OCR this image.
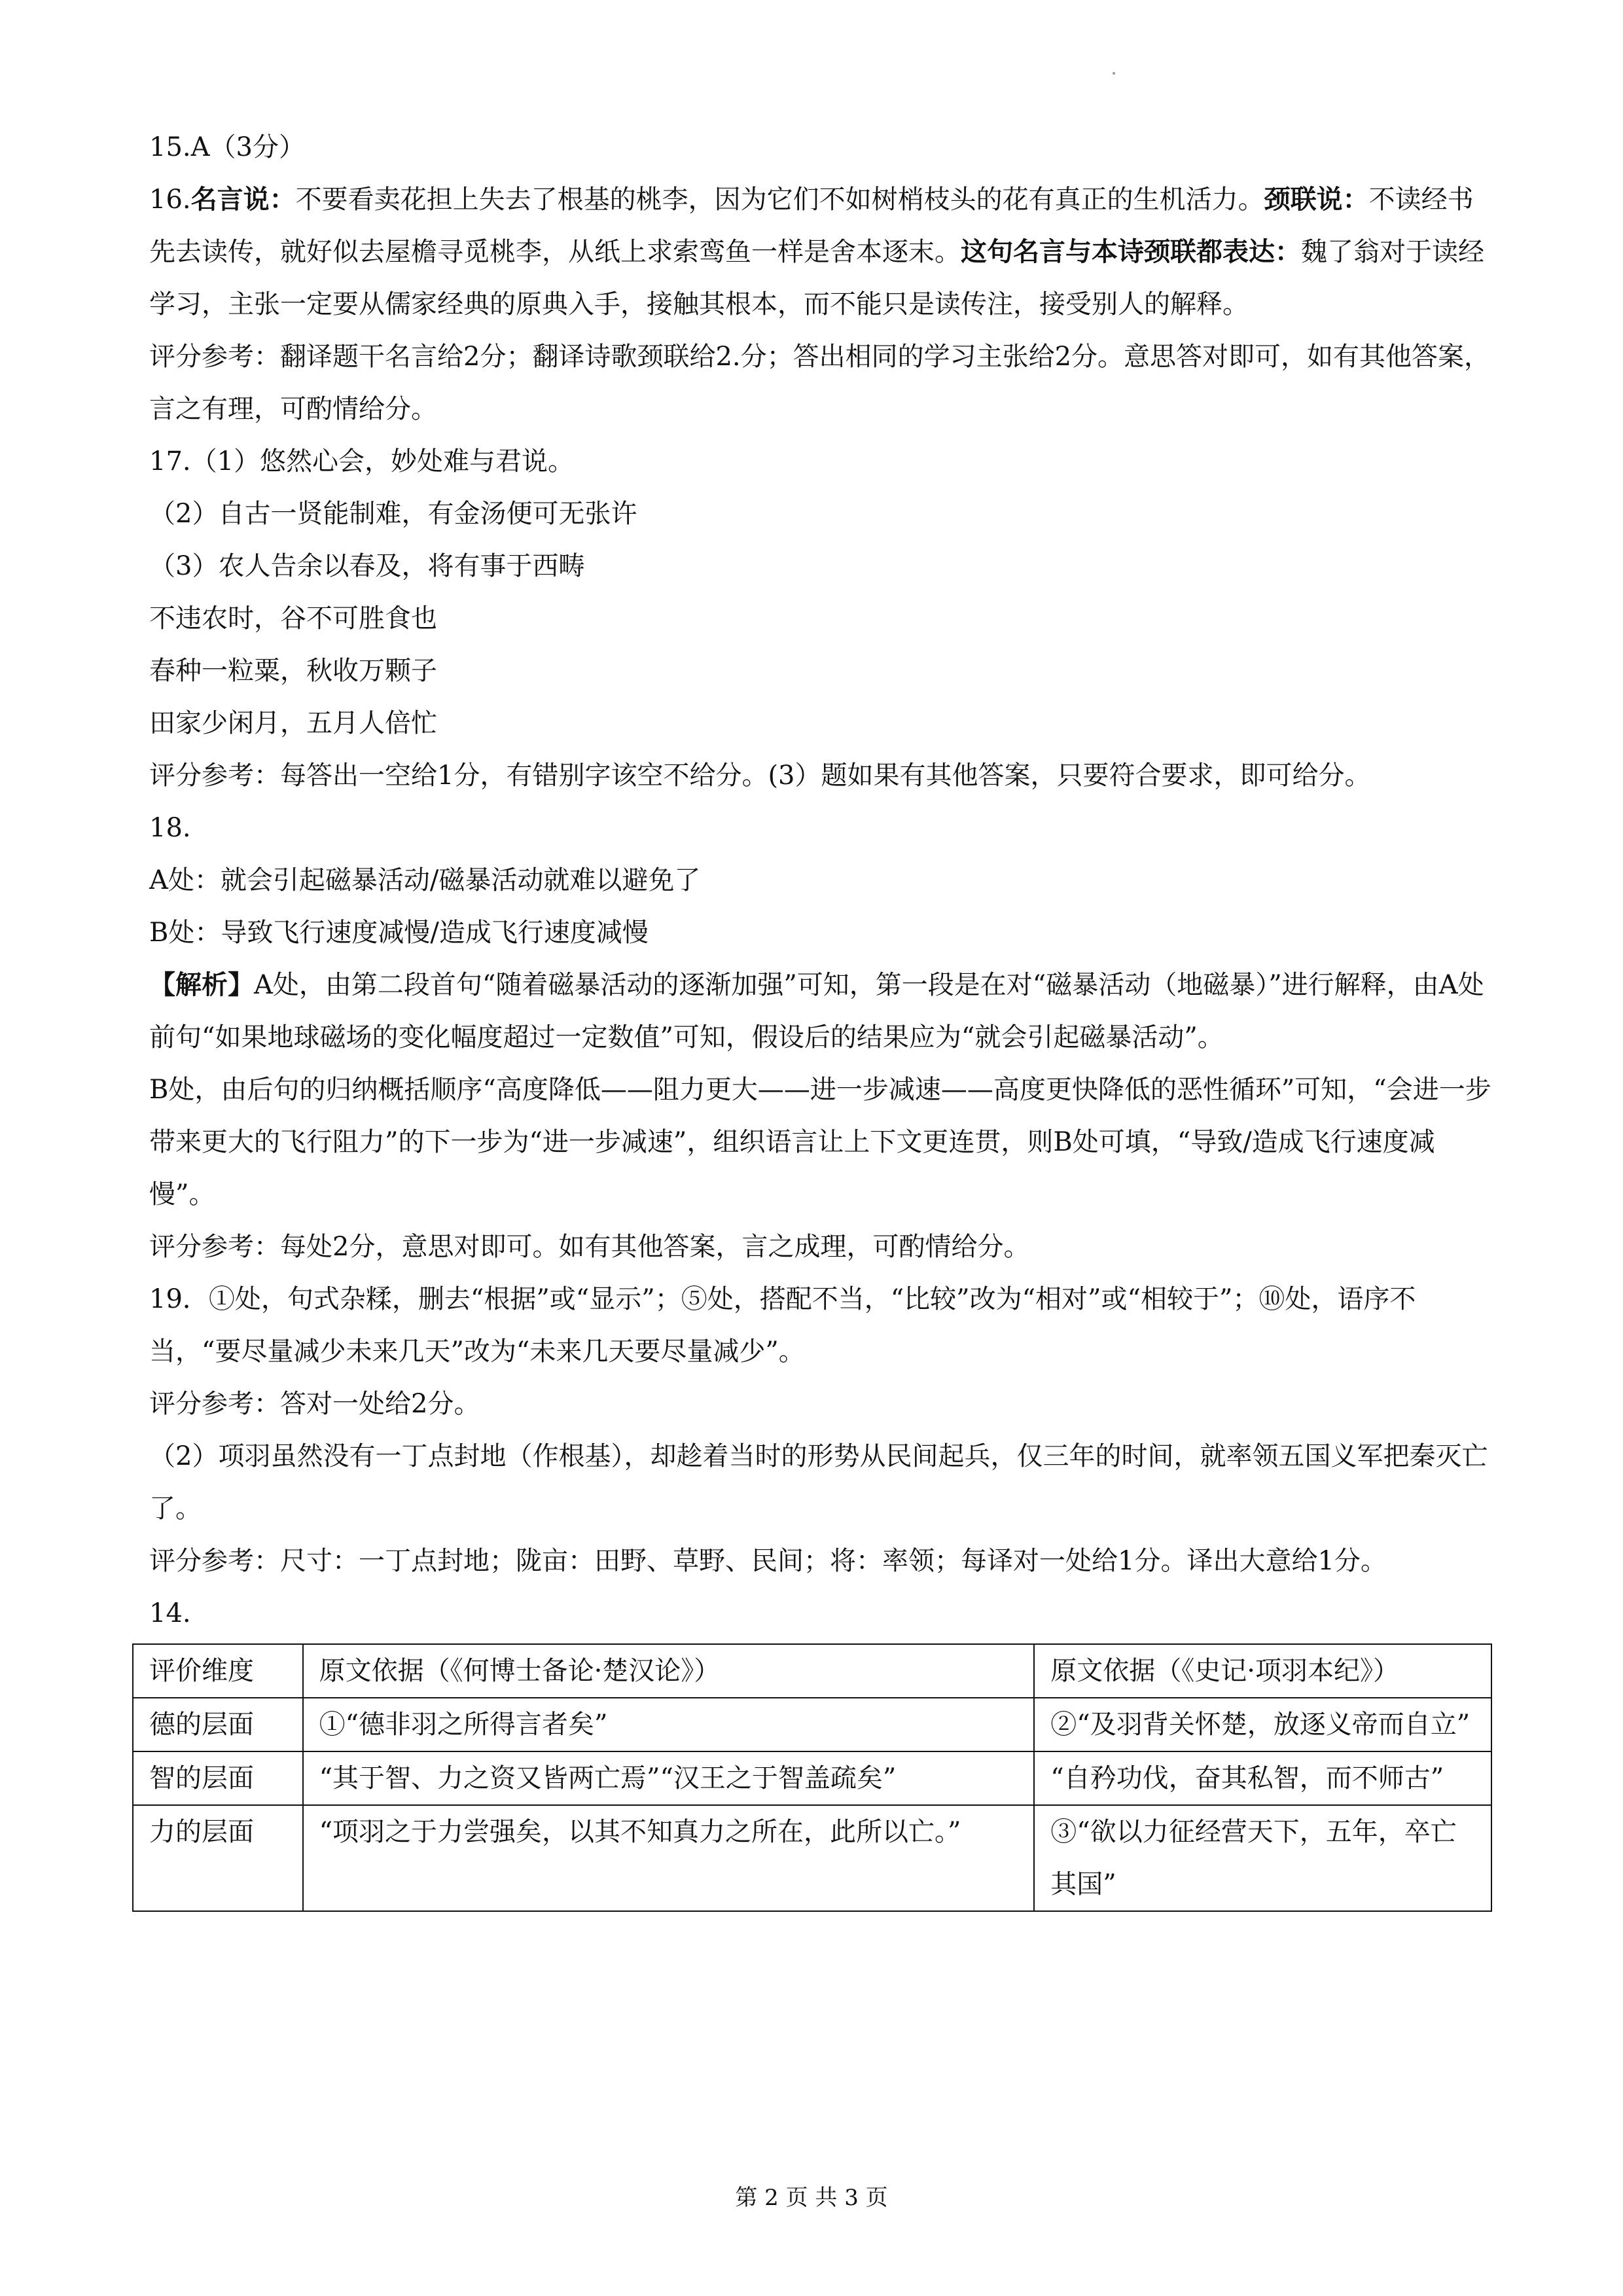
15.A（3分）

16.名言说：不要看卖花担上失去了根基的桃李，因为它们不如树梢枝头的花有真正的生机活力。颈联说：不读经书先去读传，就好似去屋檐寻觅桃李，从纸上求索鸾鱼一样是舍本逐末。这句名言与本诗颈联都表达：魏了翁对于读经学习，主张一定要从儒家经典的原典入手，接触其根本，而不能只是读传注，接受别人的解释。

评分参考：翻译题干名言给2分；翻译诗歌颈联给2.分；答出相同的学习主张给2分。意思答对即可，如有其他答案，言之有理，可酌情给分。

17.（1）悠然心会，妙处难与君说。

（2）自古一贤能制难，有金汤便可无张许

（3）农人告余以春及，将有事于西畴

不违农时，谷不可胜食也

春种一粒粟，秋收万颗子

田家少闲月，五月人倍忙

评分参考：每答出一空给1分，有错别字该空不给分。(3）题如果有其他答案，只要符合要求，即可给分。

18.

A处：就会引起磁暴活动/磁暴活动就难以避免了

B处：导致飞行速度减慢/造成飞行速度减慢

【解析】A处，由第二段首句“随着磁暴活动的逐渐加强”可知，第一段是在对“磁暴活动（地磁暴）”进行解释，由A处前句“如果地球磁场的变化幅度超过一定数值”可知，假设后的结果应为“就会引起磁暴活动”。

B处，由后句的归纳概括顺序“高度降低——阻力更大——进一步减速——高度更快降低的恶性循环”可知，“会进一步带来更大的飞行阻力”的下一步为“进一步减速”，组织语言让上下文更连贯，则B处可填，“导致/造成飞行速度减慢”。

评分参考：每处2分，意思对即可。如有其他答案，言之成理，可酌情给分。

19．①处，句式杂糅，删去“根据”或“显示”；⑤处，搭配不当，“比较”改为“相对”或“相较于”；⑩处，语序不当，“要尽量减少未来几天”改为“未来几天要尽量减少”。

评分参考：答对一处给2分。

（2）项羽虽然没有一丁点封地（作根基），却趁着当时的形势从民间起兵，仅三年的时间，就率领五国义军把秦灭亡了。

评分参考：尺寸：一丁点封地；陇亩：田野、草野、民间；将：率领；每译对一处给1分。译出大意给1分。

14.

评价维度	原文依据（《何博士备论·楚汉论》）	原文依据（《史记·项羽本纪》）
德的层面	①“德非羽之所得言者矣”	②“及羽背关怀楚，放逐义帝而自立”
智的层面	“其于智、力之资又皆两亡焉”“汉王之于智盖疏矣”	“自矜功伐，奋其私智，而不师古”
力的层面	“项羽之于力尝强矣，以其不知真力之所在，此所以亡。”	③“欲以力征经营天下，五年，卒亡其国”
第 2 页 共 3 页
